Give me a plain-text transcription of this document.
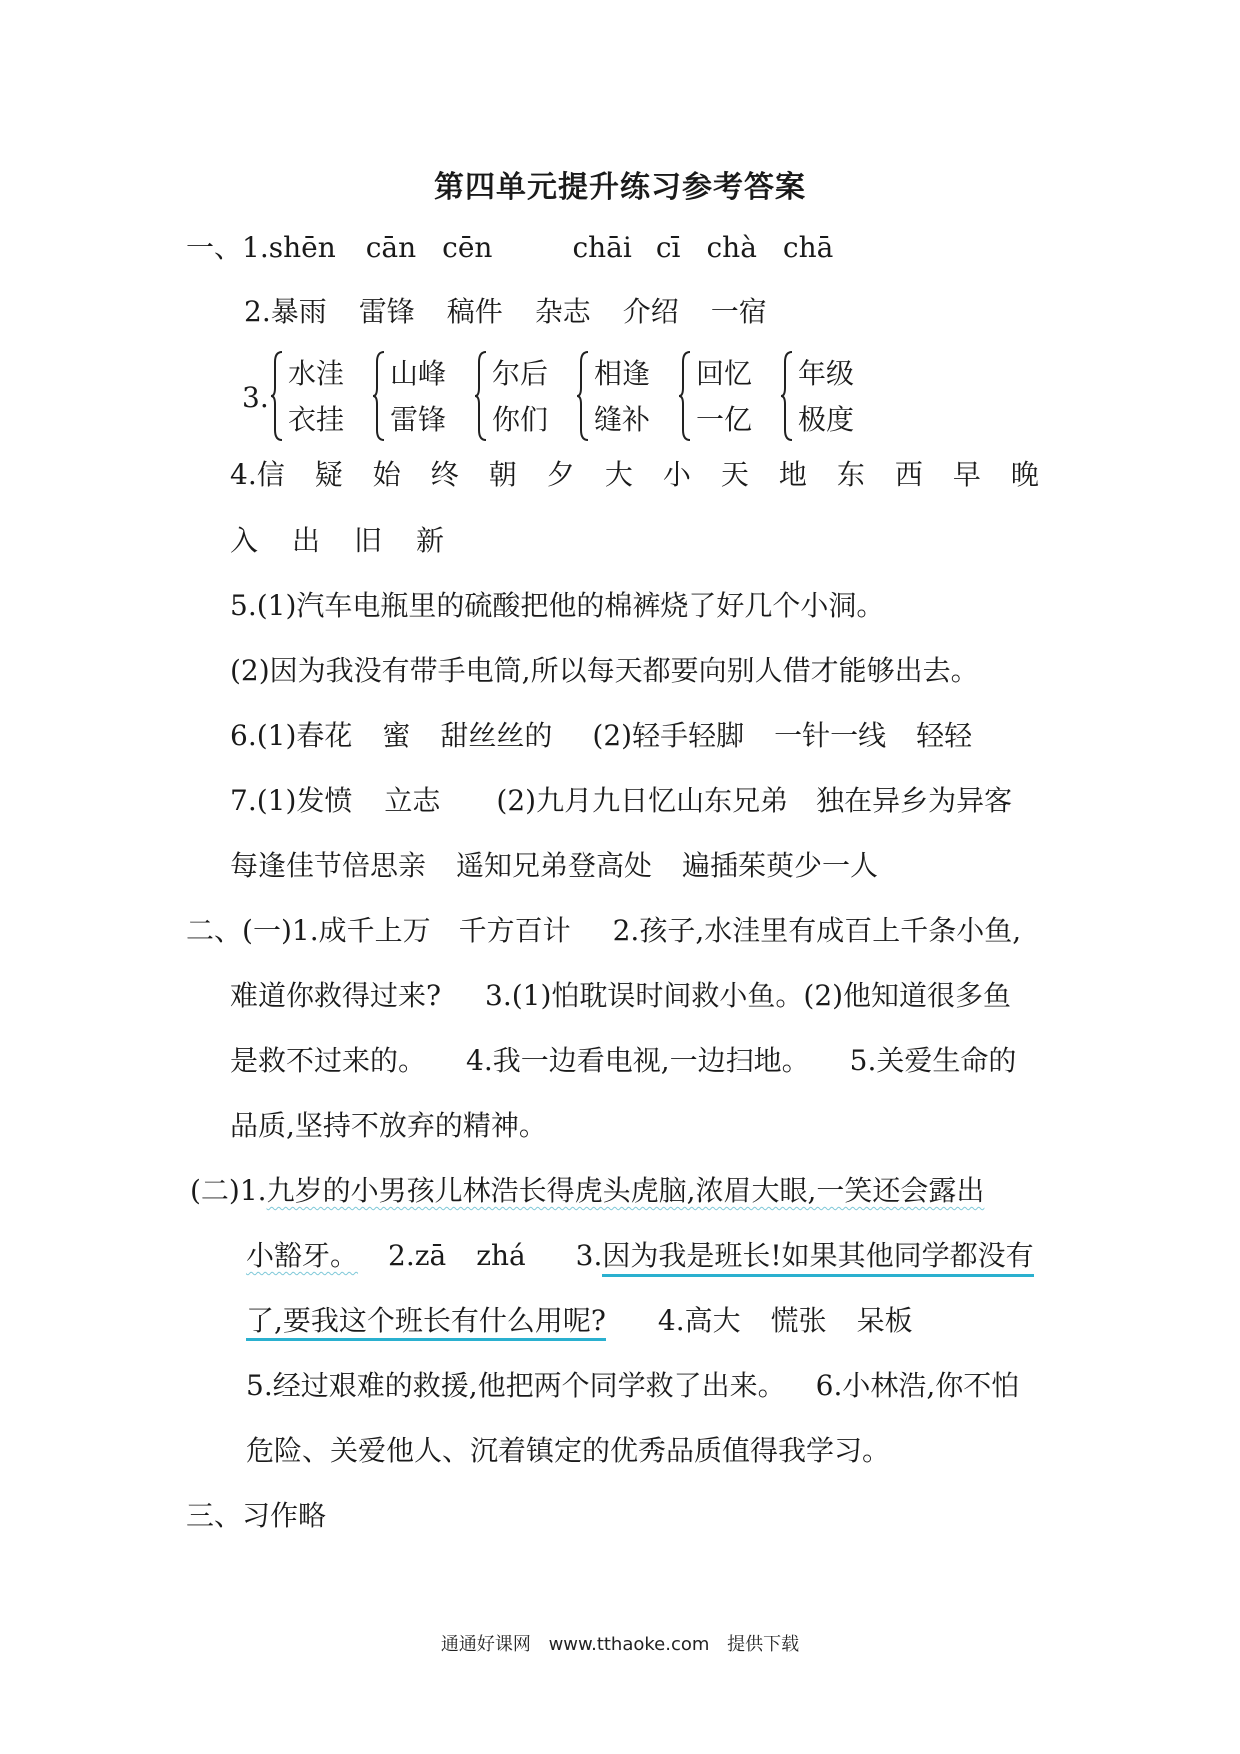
第四单元提升练习参考答案
一、1.shēn cān cēn	chāi cī chà chā
2.暴雨 雷锋 稿件 杂志 介绍 一宿
3.
水洼
衣挂
山峰
雷锋
尔后
你们
相逢
缝补
回忆
一亿
年级
极度
4.信 疑 始 终 朝 夕 大 小 天 地 东 西 早 晚
入 出 旧 新
5.(1)汽车电瓶里的硫酸把他的棉裤烧了好几个小洞。
(2)因为我没有带手电筒,所以每天都要向别人借才能够出去。
6.(1)春花 蜜 甜丝丝的 (2)轻手轻脚 一针一线 轻轻
7.(1)发愤 立志 (2)九月九日忆山东兄弟 独在异乡为异客
每逢佳节倍思亲 遥知兄弟登高处 遍插茱萸少一人
二、(一)1.成千上万 千方百计 2.孩子,水洼里有成百上千条小鱼,
难道你救得过来? 3.(1)怕耽误时间救小鱼。(2)他知道很多鱼
是救不过来的。 4.我一边看电视,一边扫地。 5.关爱生命的
品质,坚持不放弃的精神。
(二)1.九岁的小男孩儿林浩长得虎头虎脑,浓眉大眼,一笑还会露出
小豁牙。 2.zā zhá 3.因为我是班长!如果其他同学都没有
了,要我这个班长有什么用呢? 4.高大 慌张 呆板
5.经过艰难的救援,他把两个同学救了出来。 6.小林浩,你不怕
危险、关爱他人、沉着镇定的优秀品质值得我学习。
三、习作略
通通好课网 www.tthaoke.com 提供下载
